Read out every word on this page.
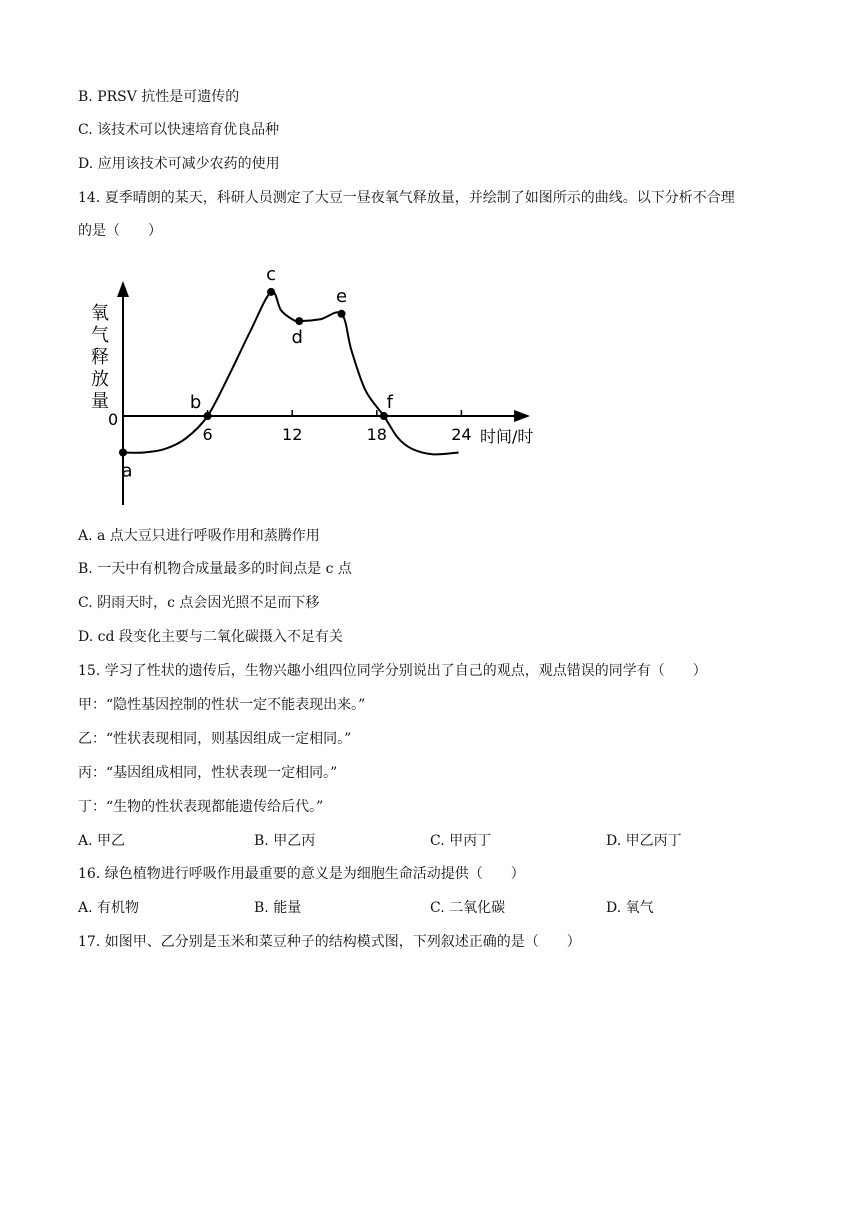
B. PRSV 抗性是可遗传的
C. 该技术可以快速培育优良品种
D. 应用该技术可减少农药的使用
14. 夏季晴朗的某天，科研人员测定了大豆一昼夜氧气释放量，并绘制了如图所示的曲线。以下分析不合理
的是（　　）
氧
气
释
放
量
0
时间/时
6	12	18	24
a
b
c
d
e
f
A. a 点大豆只进行呼吸作用和蒸腾作用
B. 一天中有机物合成量最多的时间点是 c 点
C. 阴雨天时，c 点会因光照不足而下移
D. cd 段变化主要与二氧化碳摄入不足有关
15. 学习了性状的遗传后，生物兴趣小组四位同学分别说出了自己的观点，观点错误的同学有（　　）
甲：“隐性基因控制的性状一定不能表现出来。”
乙：“性状表现相同，则基因组成一定相同。”
丙：“基因组成相同，性状表现一定相同。”
丁：“生物的性状表现都能遗传给后代。”
A. 甲乙	B. 甲乙丙	C. 甲丙丁	D. 甲乙丙丁
16. 绿色植物进行呼吸作用最重要的意义是为细胞生命活动提供（　　）
A. 有机物	B. 能量	C. 二氧化碳	D. 氧气
17. 如图甲、乙分别是玉米和菜豆种子的结构模式图，下列叙述正确的是（　　）
